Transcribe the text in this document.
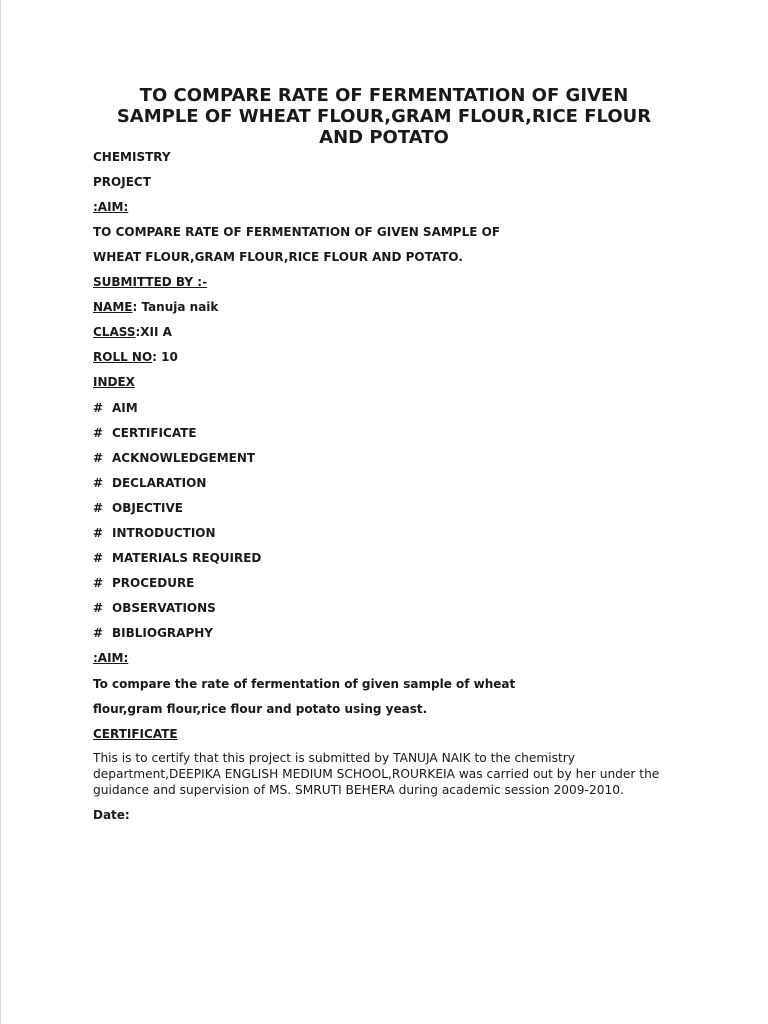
TO COMPARE RATE OF FERMENTATION OF GIVEN
SAMPLE OF WHEAT FLOUR,GRAM FLOUR,RICE FLOUR
AND POTATO
CHEMISTRY
PROJECT
:AIM:
TO COMPARE RATE OF FERMENTATION OF GIVEN SAMPLE OF
WHEAT FLOUR,GRAM FLOUR,RICE FLOUR AND POTATO.
SUBMITTED BY :-
NAME: Tanuja naik
CLASS:XII A
ROLL NO: 10
INDEX
# AIM
# CERTIFICATE
# ACKNOWLEDGEMENT
# DECLARATION
# OBJECTIVE
# INTRODUCTION
# MATERIALS REQUIRED
# PROCEDURE
# OBSERVATIONS
# BIBLIOGRAPHY
:AIM:
To compare the rate of fermentation of given sample of wheat
flour,gram flour,rice flour and potato using yeast.
CERTIFICATE
This is to certify that this project is submitted by TANUJA NAIK to the chemistry
department,DEEPIKA ENGLISH MEDIUM SCHOOL,ROURKEIA was carried out by her under the
guidance and supervision of MS. SMRUTI BEHERA during academic session 2009-2010.
Date:
